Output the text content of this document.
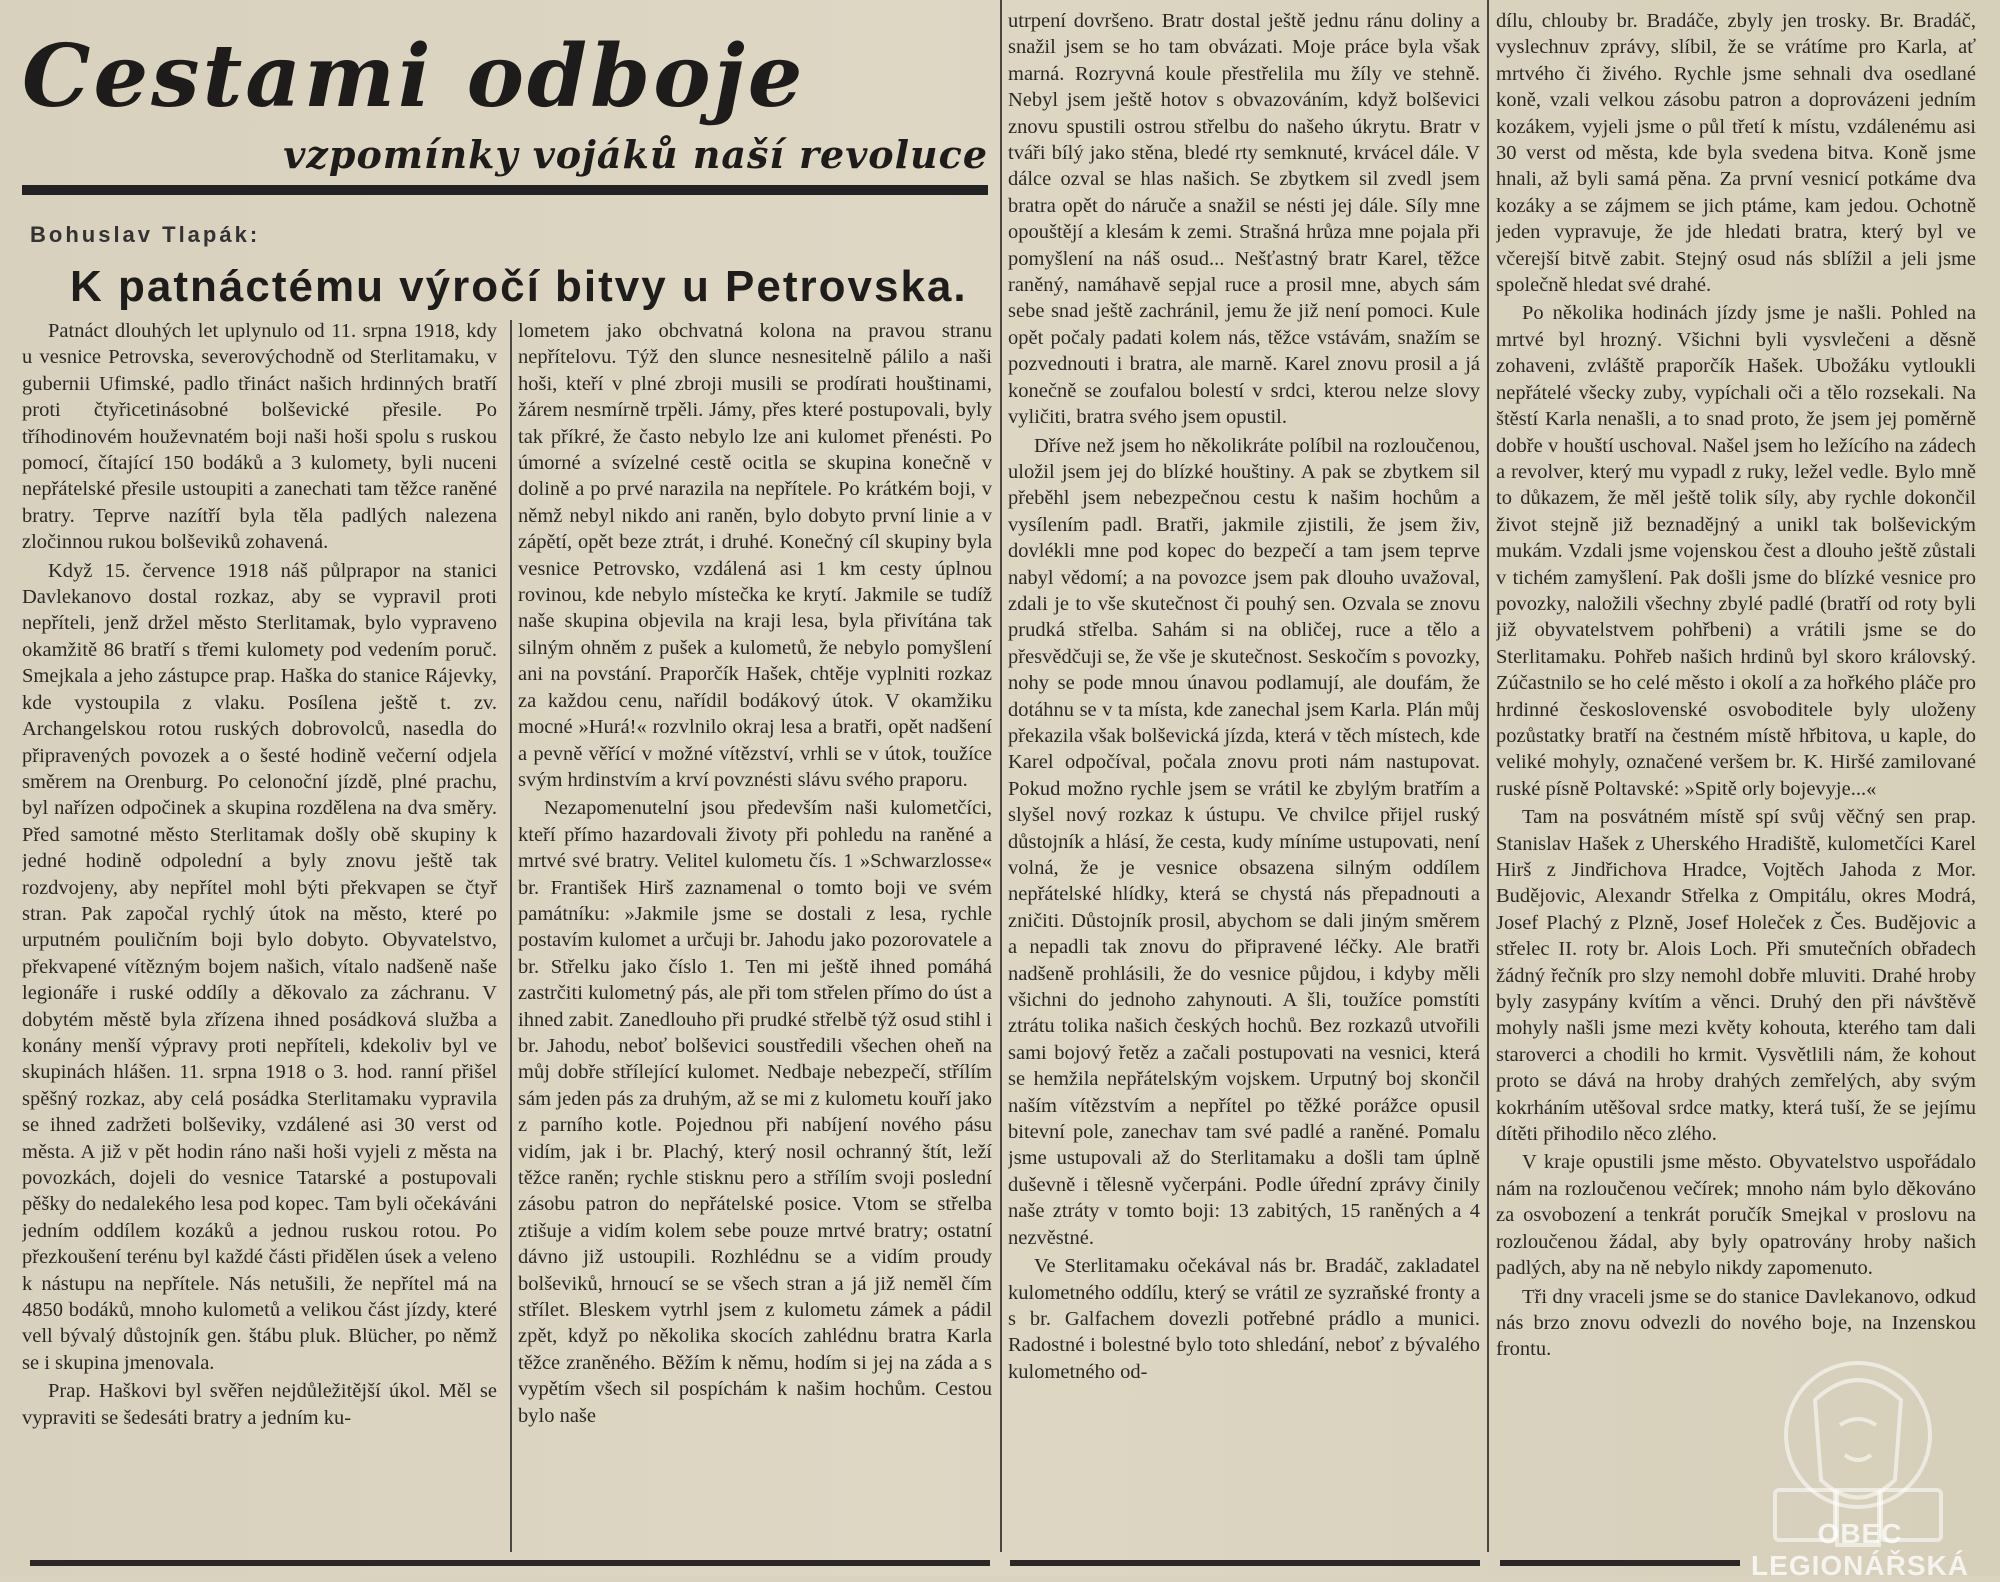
Cestami odboje
vzpomínky vojáků naší revoluce
Bohuslav Tlapák:
K patnáctému výročí bitvy u Petrovska.

Patnáct dlouhých let uplynulo od 11. srpna 1918, kdy u vesnice Petrovska, severovýchodně od Sterlitamaku, v gubernii Ufimské, padlo třináct našich hrdinných bratří proti čtyřicetinásobné bolševické přesile. Po tříhodinovém houževnatém boji naši hoši spolu s ruskou pomocí, čítající 150 bodáků a 3 kulomety, byli nuceni nepřátelské přesile ustoupiti a zanechati tam těžce raněné bratry. Teprve nazítří byla těla padlých nalezena zločinnou rukou bolševiků zohavená.

Když 15. července 1918 náš půlprapor na stanici Davlekanovo dostal rozkaz, aby se vypravil proti nepříteli, jenž držel město Sterlitamak, bylo vypraveno okamžitě 86 bratří s třemi kulomety pod vedením poruč. Smejkala a jeho zástupce prap. Haška do stanice Rájevky, kde vystoupila z vlaku. Posílena ještě t. zv. Archangelskou rotou ruských dobrovolců, nasedla do připravených povozek a o šesté hodině večerní odjela směrem na Orenburg. Po celonoční jízdě, plné prachu, byl nařízen odpočinek a skupina rozdělena na dva směry. Před samotné město Sterlitamak došly obě skupiny k jedné hodině odpolední a byly znovu ještě tak rozdvojeny, aby nepřítel mohl býti překvapen se čtyř stran. Pak započal rychlý útok na město, které po urputném pouličním boji bylo dobyto. Obyvatelstvo, překvapené vítězným bojem našich, vítalo nadšeně naše legionáře i ruské oddíly a děkovalo za záchranu. V dobytém městě byla zřízena ihned posádková služba a konány menší výpravy proti nepříteli, kdekoliv byl ve skupinách hlášen. 11. srpna 1918 o 3. hod. ranní přišel spěšný rozkaz, aby celá posádka Sterlitamaku vypravila se ihned zadržeti bolševiky, vzdálené asi 30 verst od města. A již v pět hodin ráno naši hoši vyjeli z města na povozkách, dojeli do vesnice Tatarské a postupovali pěšky do nedalekého lesa pod kopec. Tam byli očekáváni jedním oddílem kozáků a jednou ruskou rotou. Po přezkoušení terénu byl každé části přidělen úsek a veleno k nástupu na nepřítele. Nás netušili, že nepřítel má na 4850 bodáků, mnoho kulometů a velikou část jízdy, které vell bývalý důstojník gen. štábu pluk. Blücher, po němž se i skupina jmenovala.

Prap. Haškovi byl svěřen nejdůležitější úkol. Měl se vypraviti se šedesáti bratry a jedním ku-

lometem jako obchvatná kolona na pravou stranu nepřítelovu. Týž den slunce nesnesitelně pálilo a naši hoši, kteří v plné zbroji musili se prodírati houštinami, žárem nesmírně trpěli. Jámy, přes které postupovali, byly tak příkré, že často nebylo lze ani kulomet přenésti. Po úmorné a svízelné cestě ocitla se skupina konečně v dolině a po prvé narazila na nepřítele. Po krátkém boji, v němž nebyl nikdo ani raněn, bylo dobyto první linie a v zápětí, opět beze ztrát, i druhé. Konečný cíl skupiny byla vesnice Petrovsko, vzdálená asi 1 km cesty úplnou rovinou, kde nebylo místečka ke krytí. Jakmile se tudíž naše skupina objevila na kraji lesa, byla přivítána tak silným ohněm z pušek a kulometů, že nebylo pomyšlení ani na povstání. Praporčík Hašek, chtěje vyplniti rozkaz za každou cenu, nařídil bodákový útok. V okamžiku mocné »Hurá!« rozvlnilo okraj lesa a bratři, opět nadšení a pevně věřící v možné vítězství, vrhli se v útok, toužíce svým hrdinstvím a krví povznésti slávu svého praporu.

Nezapomenutelní jsou především naši kulometčíci, kteří přímo hazardovali životy při pohledu na raněné a mrtvé své bratry. Velitel kulometu čís. 1 »Schwarzlosse« br. František Hirš zaznamenal o tomto boji ve svém památníku: »Jakmile jsme se dostali z lesa, rychle postavím kulomet a určuji br. Jahodu jako pozorovatele a br. Střelku jako číslo 1. Ten mi ještě ihned pomáhá zastrčiti kulometný pás, ale při tom střelen přímo do úst a ihned zabit. Zanedlouho při prudké střelbě týž osud stihl i br. Jahodu, neboť bolševici soustředili všechen oheň na můj dobře střílející kulomet. Nedbaje nebezpečí, střílím sám jeden pás za druhým, až se mi z kulometu kouří jako z parního kotle. Pojednou při nabíjení nového pásu vidím, jak i br. Plachý, který nosil ochranný štít, leží těžce raněn; rychle stisknu pero a střílím svoji poslední zásobu patron do nepřátelské posice. Vtom se střelba ztišuje a vidím kolem sebe pouze mrtvé bratry; ostatní dávno již ustoupili. Rozhlédnu se a vidím proudy bolševiků, hrnoucí se se všech stran a já již neměl čím střílet. Bleskem vytrhl jsem z kulometu zámek a pádil zpět, když po několika skocích zahlédnu bratra Karla těžce zraněného. Běžím k němu, hodím si jej na záda a s vypětím všech sil pospíchám k našim hochům. Cestou bylo naše

utrpení dovršeno. Bratr dostal ještě jednu ránu doliny a snažil jsem se ho tam obvázati. Moje práce byla však marná. Rozryvná koule přestřelila mu žíly ve stehně. Nebyl jsem ještě hotov s obvazováním, když bolševici znovu spustili ostrou střelbu do našeho úkrytu. Bratr v tváři bílý jako stěna, bledé rty semknuté, krvácel dále. V dálce ozval se hlas našich. Se zbytkem sil zvedl jsem bratra opět do náruče a snažil se nésti jej dále. Síly mne opouštějí a klesám k zemi. Strašná hrůza mne pojala při pomyšlení na náš osud... Nešťastný bratr Karel, těžce raněný, namáhavě sepjal ruce a prosil mne, abych sám sebe snad ještě zachránil, jemu že již není pomoci. Kule opět počaly padati kolem nás, těžce vstávám, snažím se pozvednouti i bratra, ale marně. Karel znovu prosil a já konečně se zoufalou bolestí v srdci, kterou nelze slovy vyličiti, bratra svého jsem opustil.

Dříve než jsem ho několikráte políbil na rozloučenou, uložil jsem jej do blízké houštiny. A pak se zbytkem sil přeběhl jsem nebezpečnou cestu k našim hochům a vysílením padl. Bratři, jakmile zjistili, že jsem živ, dovlékli mne pod kopec do bezpečí a tam jsem teprve nabyl vědomí; a na povozce jsem pak dlouho uvažoval, zdali je to vše skutečnost či pouhý sen. Ozvala se znovu prudká střelba. Sahám si na obličej, ruce a tělo a přesvědčuji se, že vše je skutečnost. Seskočím s povozky, nohy se pode mnou únavou podlamují, ale doufám, že dotáhnu se v ta místa, kde zanechal jsem Karla. Plán můj překazila však bolševická jízda, která v těch místech, kde Karel odpočíval, počala znovu proti nám nastupovat. Pokud možno rychle jsem se vrátil ke zbylým bratřím a slyšel nový rozkaz k ústupu. Ve chvilce přijel ruský důstojník a hlásí, že cesta, kudy míníme ustupovati, není volná, že je vesnice obsazena silným oddílem nepřátelské hlídky, která se chystá nás přepadnouti a zničiti. Důstojník prosil, abychom se dali jiným směrem a nepadli tak znovu do připravené léčky. Ale bratři nadšeně prohlásili, že do vesnice půjdou, i kdyby měli všichni do jednoho zahynouti. A šli, toužíce pomstíti ztrátu tolika našich českých hochů. Bez rozkazů utvořili sami bojový řetěz a začali postupovati na vesnici, která se hemžila nepřátelským vojskem. Urputný boj skončil naším vítězstvím a nepřítel po těžké porážce opusil bitevní pole, zanechav tam své padlé a raněné. Pomalu jsme ustupovali až do Sterlitamaku a došli tam úplně duševně i tělesně vyčerpáni. Podle úřední zprávy činily naše ztráty v tomto boji: 13 zabitých, 15 raněných a 4 nezvěstné.

Ve Sterlitamaku očekával nás br. Bradáč, zakladatel kulometného oddílu, který se vrátil ze syzraňské fronty a s br. Galfachem dovezli potřebné prádlo a munici. Radostné i bolestné bylo toto shledání, neboť z bývalého kulometného od-

dílu, chlouby br. Bradáče, zbyly jen trosky. Br. Bradáč, vyslechnuv zprávy, slíbil, že se vrátíme pro Karla, ať mrtvého či živého. Rychle jsme sehnali dva osedlané koně, vzali velkou zásobu patron a doprovázeni jedním kozákem, vyjeli jsme o půl třetí k místu, vzdálenému asi 30 verst od města, kde byla svedena bitva. Koně jsme hnali, až byli samá pěna. Za první vesnicí potkáme dva kozáky a se zájmem se jich ptáme, kam jedou. Ochotně jeden vypravuje, že jde hledati bratra, který byl ve včerejší bitvě zabit. Stejný osud nás sblížil a jeli jsme společně hledat své drahé.

Po několika hodinách jízdy jsme je našli. Pohled na mrtvé byl hrozný. Všichni byli vysvlečeni a děsně zohaveni, zvláště praporčík Hašek. Ubožáku vytloukli nepřátelé všecky zuby, vypíchali oči a tělo rozsekali. Na štěstí Karla nenašli, a to snad proto, že jsem jej poměrně dobře v houští uschoval. Našel jsem ho ležícího na zádech a revolver, který mu vypadl z ruky, ležel vedle. Bylo mně to důkazem, že měl ještě tolik síly, aby rychle dokončil život stejně již beznadějný a unikl tak bolševickým mukám. Vzdali jsme vojenskou čest a dlouho ještě zůstali v tichém zamyšlení. Pak došli jsme do blízké vesnice pro povozky, naložili všechny zbylé padlé (bratří od roty byli již obyvatelstvem pohřbeni) a vrátili jsme se do Sterlitamaku. Pohřeb našich hrdinů byl skoro královský. Zúčastnilo se ho celé město i okolí a za hořkého pláče pro hrdinné československé osvoboditele byly uloženy pozůstatky bratří na čestném místě hřbitova, u kaple, do veliké mohyly, označené veršem br. K. Hiršé zamilované ruské písně Poltavské: »Spitě orly bojevyje...«

Tam na posvátném místě spí svůj věčný sen prap. Stanislav Hašek z Uherského Hradiště, kulometčíci Karel Hirš z Jindřichova Hradce, Vojtěch Jahoda z Mor. Budějovic, Alexandr Střelka z Ompitálu, okres Modrá, Josef Plachý z Plzně, Josef Holeček z Čes. Budějovic a střelec II. roty br. Alois Loch. Při smutečních obřadech žádný řečník pro slzy nemohl dobře mluviti. Drahé hroby byly zasypány kvítím a věnci. Druhý den při návštěvě mohyly našli jsme mezi květy kohouta, kterého tam dali staroverci a chodili ho krmit. Vysvětlili nám, že kohout proto se dává na hroby drahých zemřelých, aby svým kokrháním utěšoval srdce matky, která tuší, že se jejímu dítěti přihodilo něco zlého.

V kraje opustili jsme město. Obyvatelstvo uspořádalo nám na rozloučenou večírek; mnoho nám bylo děkováno za osvobození a tenkrát poručík Smejkal v proslovu na rozloučenou žádal, aby byly opatrovány hroby našich padlých, aby na ně nebylo nikdy zapomenuto.

Tři dny vraceli jsme se do stanice Davlekanovo, odkud nás brzo znovu odvezli do nového boje, na Inzenskou frontu.

OBEC LEGIONÁŘSKÁ
